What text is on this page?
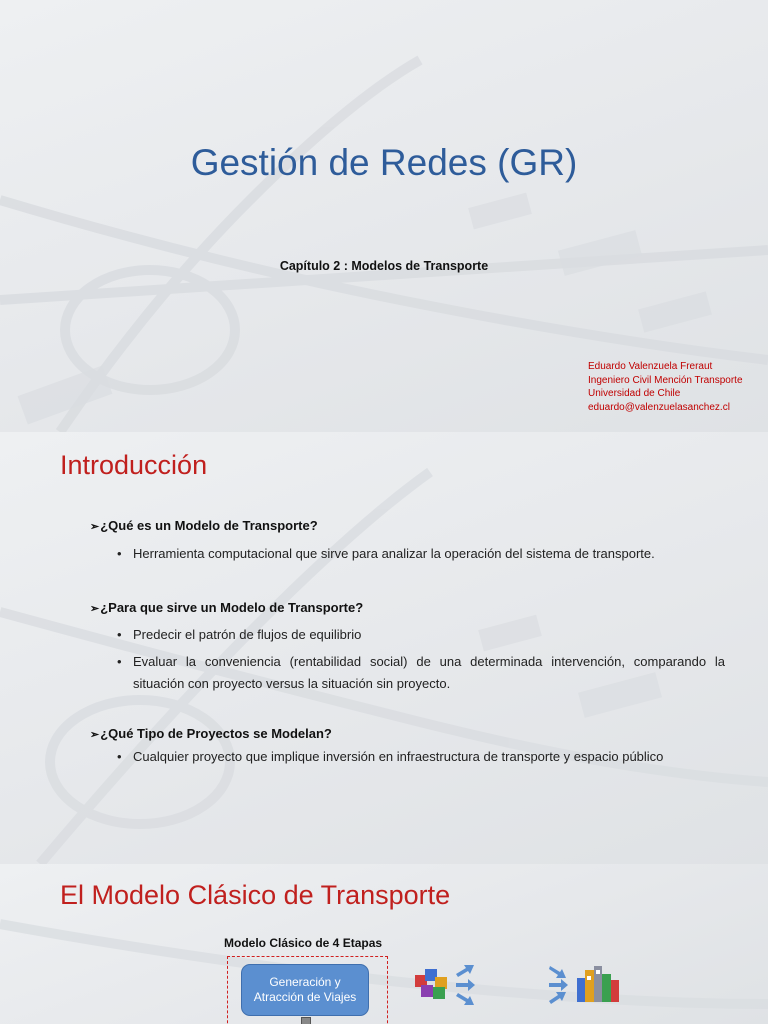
Gestión de Redes (GR)
Capítulo 2 : Modelos de Transporte
Eduardo Valenzuela Freraut
Ingeniero Civil Mención Transporte
Universidad de Chile
eduardo@valenzuelasanchez.cl
Introducción
➢¿Qué es un Modelo de Transporte?
• Herramienta computacional que sirve para analizar la operación del sistema de transporte.
➢¿Para que sirve un Modelo de Transporte?
• Predecir el patrón de flujos de equilibrio
• Evaluar la conveniencia (rentabilidad social) de una determinada intervención, comparando la situación con proyecto versus la situación sin proyecto.
➢¿Qué Tipo de Proyectos se Modelan?
• Cualquier proyecto que implique inversión en infraestructura de transporte y espacio público
El Modelo Clásico de Transporte
Modelo Clásico de 4 Etapas
Generación y Atracción de Viajes
